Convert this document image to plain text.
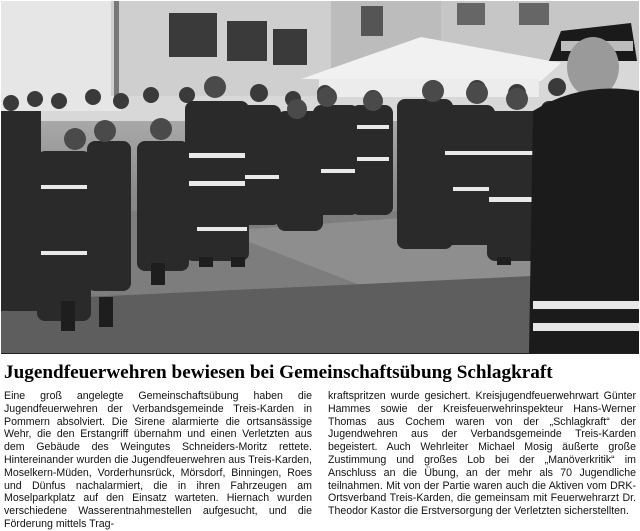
Jugendfeuerwehren bewiesen bei Gemeinschaftsübung Schlagkraft

Eine groß angelegte Gemeinschaftsübung haben die Jugendfeuerwehren der Verbandsgemeinde Treis-Karden in Pommern absolviert. Die Sirene alarmierte die ortsansässige Wehr, die den Erstangriff übernahm und einen Verletzten aus dem Gebäude des Weingutes Schneiders-Moritz rettete. Hintereinander wurden die Jugendfeuerwehren aus Treis-Karden, Moselkern-Müden, Vorderhunsrück, Mörsdorf, Binningen, Roes und Dünfus nachalarmiert, die in ihren Fahrzeugen am Moselparkplatz auf den Einsatz warteten. Hiernach wurden verschiedene Wasserentnahmestellen aufgesucht, und die Förderung mittels Trag-

kraftspritzen wurde gesichert. Kreisjugendfeuerwehrwart Günter Hammes sowie der Kreisfeuerwehrinspekteur Hans-Werner Thomas aus Cochem waren von der „Schlagkraft“ der Jugendwehren aus der Verbandsgemeinde Treis-Karden begeistert. Auch Wehrleiter Michael Mosig äußerte große Zustimmung und großes Lob bei der „Manöverkritik“ im Anschluss an die Übung, an der mehr als 70 Jugendliche teilnahmen. Mit von der Partie waren auch die Aktiven vom DRK-Ortsverband Treis-Karden, die gemeinsam mit Feuerwehrarzt Dr. Theodor Kastor die Erstversorgung der Verletzten sicherstellten.
